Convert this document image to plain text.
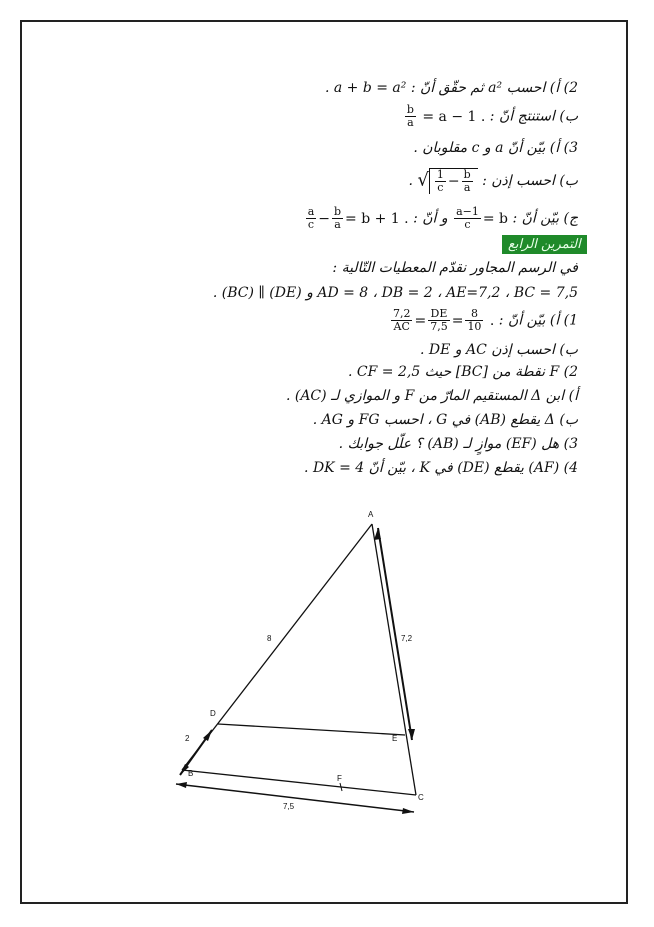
2) أ) احسب a² ثم حقّق أنّ : a + b = a² .
ب) استنتج أنّ :
$\frac{b}{a} = a - 1$ .
3) أ) بيّن أنّ a و c مقلوبان .
ب) احسب إذن : √ $\frac{1}{c} - \frac{b}{a}$
.
ج) بيّن أنّ :
$\frac{a-1}{c} = b$ و أنّ :
$\frac{a}{c} - \frac{b}{a} = b + 1$ .
التمرين الرابع
في الرسم المجاور نقدّم المعطيات التّالية :
AD = 8 ، DB = 2 ، AE=7,2 ، BC = 7,5 و (DE) ∥ (BC) .
1) أ) بيّن أنّ :
$\frac{7,2}{AC} = \frac{DE}{7,5} = \frac{8}{10}$ .
ب) احسب إذن AC و DE .
2) F نقطة من [BC] حيث CF = 2,5 .
أ) ابن Δ المستقيم المارّ من F و الموازي لـ (AC) .
ب) Δ يقطع (AB) في G ، احسب FG و AG .
3) هل (EF) موازٍ لـ (AB) ؟ علّل جوابك .
4) (AF) يقطع (DE) في K ، بيّن أنّ DK = 4 .
A
B
C
D
E
F
8
2
7,2
7,5
